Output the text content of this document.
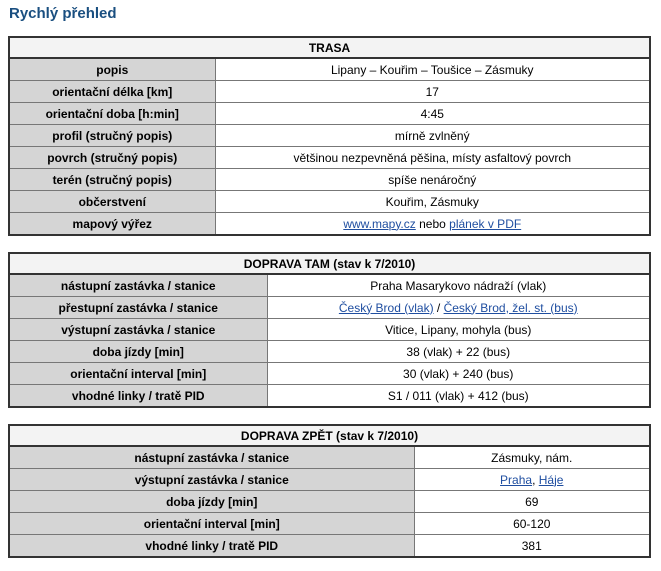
Rychlý přehled
TRASA	
popis	Lipany – Kouřim – Toušice – Zásmuky
orientační délka [km]	17
orientační doba [h:min]	4:45
profil (stručný popis)	mírně zvlněný
povrch (stručný popis)	většinou nezpevněná pěšina, místy asfaltový povrch
terén (stručný popis)	spíše nenáročný
občerstvení	Kouřim, Zásmuky
mapový výřez	www.mapy.cz nebo plánek v PDF
DOPRAVA TAM (stav k 7/2010)	
nástupní zastávka / stanice	Praha Masarykovo nádraží (vlak)
přestupní zastávka / stanice	Český Brod (vlak) / Český Brod, žel. st. (bus)
výstupní zastávka / stanice	Vitice, Lipany, mohyla (bus)
doba jízdy [min]	38 (vlak) + 22 (bus)
orientační interval [min]	30 (vlak) + 240 (bus)
vhodné linky / tratě PID	S1 / 011 (vlak) + 412 (bus)
DOPRAVA ZPĚT (stav k 7/2010)	
nástupní zastávka / stanice	Zásmuky, nám.
výstupní zastávka / stanice	Praha, Háje
doba jízdy [min]	69
orientační interval [min]	60-120
vhodné linky / tratě PID	381
